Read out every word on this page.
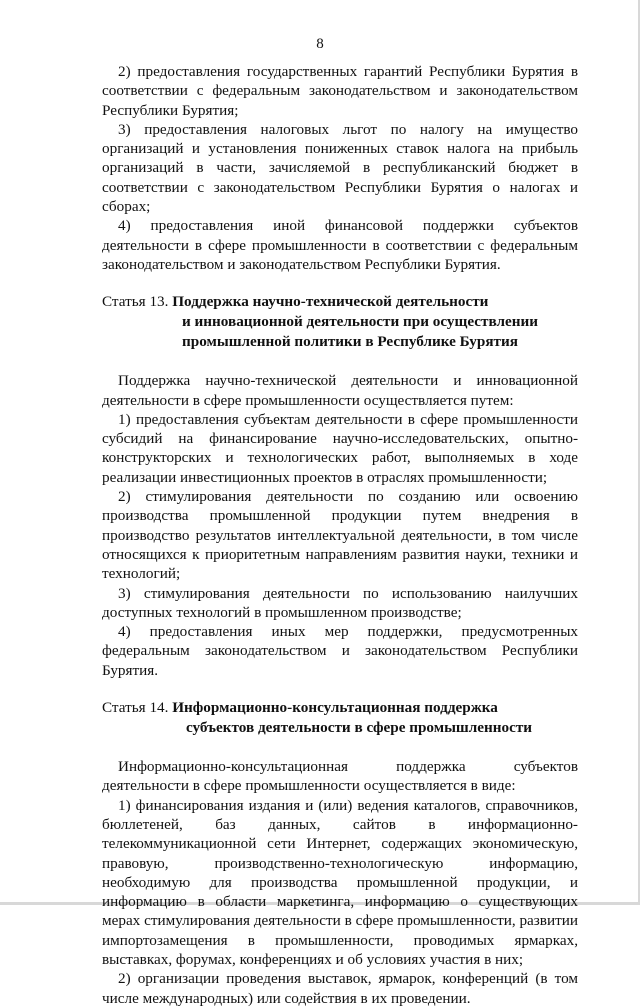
8

2) предоставления государственных гарантий Республики Бурятия в соответствии с федеральным законодательством и законодательством Республики Бурятия;

3) предоставления налоговых льгот по налогу на имущество организаций и установления пониженных ставок налога на прибыль организаций в части, зачисляемой в республиканский бюджет в соответствии с законодательством Республики Бурятия о налогах и сборах;

4) предоставления иной финансовой поддержки субъектов деятельности в сфере промышленности в соответствии с федеральным законодательством и законодательством Республики Бурятия.

Статья 13. Поддержка научно-технической деятельности
и инновационной деятельности при осуществлении
промышленной политики в Республике Бурятия

Поддержка научно-технической деятельности и инновационной деятельности в сфере промышленности осуществляется путем:

1) предоставления субъектам деятельности в сфере промышленности субсидий на финансирование научно-исследовательских, опытно-конструкторских и технологических работ, выполняемых в ходе реализации инвестиционных проектов в отраслях промышленности;

2) стимулирования деятельности по созданию или освоению производства промышленной продукции путем внедрения в производство результатов интеллектуальной деятельности, в том числе относящихся к приоритетным направлениям развития науки, техники и технологий;

3) стимулирования деятельности по использованию наилучших доступных технологий в промышленном производстве;

4) предоставления иных мер поддержки, предусмотренных федеральным законодательством и законодательством Республики Бурятия.

Статья 14. Информационно-консультационная поддержка
субъектов деятельности в сфере промышленности

Информационно-консультационная поддержка субъектов деятельности в сфере промышленности осуществляется в виде:

1) финансирования издания и (или) ведения каталогов, справочников, бюллетеней, баз данных, сайтов в информационно-телекоммуникационной сети Интернет, содержащих экономическую, правовую, производственно-технологическую информацию, необходимую для производства промышленной продукции, и информацию в области маркетинга, информацию о существующих мерах стимулирования деятельности в сфере промышленности, развитии импортозамещения в промышленности, проводимых ярмарках, выставках, форумах, конференциях и об условиях участия в них;

2) организации проведения выставок, ярмарок, конференций (в том числе международных) или содействия в их проведении.
